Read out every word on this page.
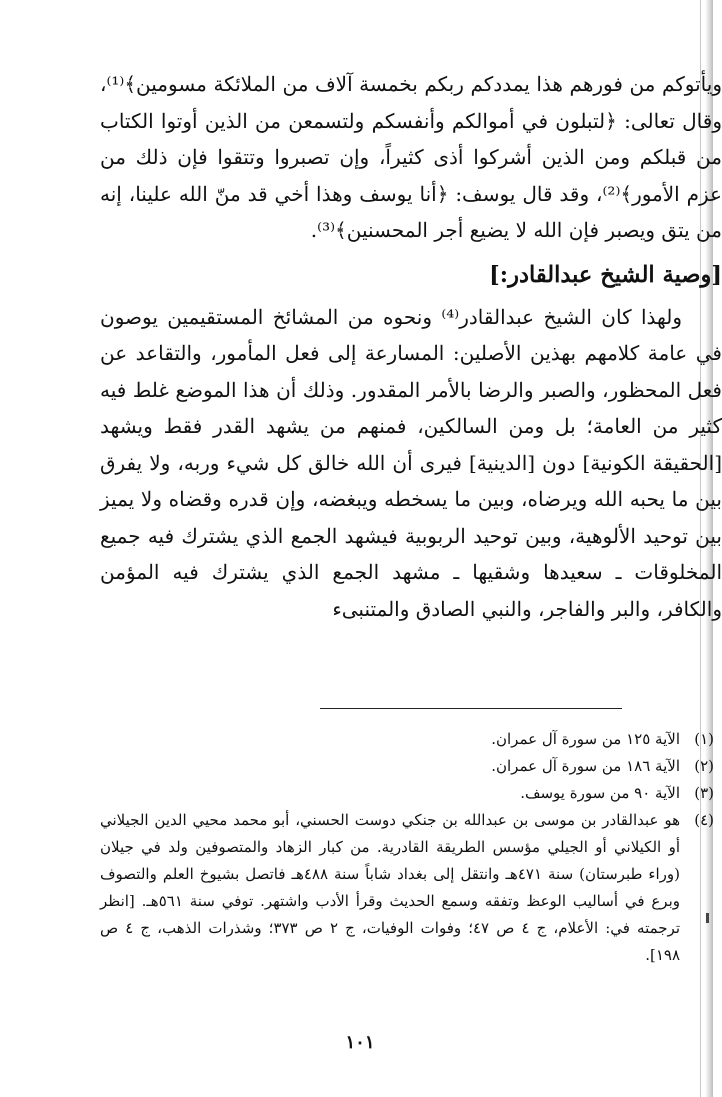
ويأتوكم من فورهم هذا يمددكم ربكم بخمسة آلاف من الملائكة مسومين﴾⁽¹⁾، وقال تعالى: ﴿لتبلون في أموالكم وأنفسكم ولتسمعن من الذين أوتوا الكتاب من قبلكم ومن الذين أشركوا أذى كثيراً، وإن تصبروا وتتقوا فإن ذلك من عزم الأمور﴾⁽²⁾، وقد قال يوسف: ﴿أنا يوسف وهذا أخي قد منّ الله علينا، إنه من يتق ويصبر فإن الله لا يضيع أجر المحسنين﴾⁽³⁾.

[وصية الشيخ عبدالقادر:]

ولهذا كان الشيخ عبدالقادر⁽⁴⁾ ونحوه من المشائخ المستقيمين يوصون في عامة كلامهم بهذين الأصلين: المسارعة إلى فعل المأمور، والتقاعد عن فعل المحظور، والصبر والرضا بالأمر المقدور. وذلك أن هذا الموضع غلط فيه كثير من العامة؛ بل ومن السالكين، فمنهم من يشهد القدر فقط ويشهد [الحقيقة الكونية] دون [الدينية] فيرى أن الله خالق كل شيء وربه، ولا يفرق بين ما يحبه الله ويرضاه، وبين ما يسخطه ويبغضه، وإن قدره وقضاه ولا يميز بين توحيد الألوهية، وبين توحيد الربوبية فيشهد الجمع الذي يشترك فيه جميع المخلوقات ـ سعيدها وشقيها ـ مشهد الجمع الذي يشترك فيه المؤمن والكافر، والبر والفاجر، والنبي الصادق والمتنبىء

(١)
الآية ١٢٥ من سورة آل عمران.
(٢)
الآية ١٨٦ من سورة آل عمران.
(٣)
الآية ٩٠ من سورة يوسف.
(٤)
هو عبدالقادر بن موسى بن عبدالله بن جنكي دوست الحسني، أبو محمد محيي الدين الجيلاني أو الكيلاني أو الجيلي مؤسس الطريقة القادرية. من كبار الزهاد والمتصوفين ولد في جيلان (وراء طبرستان) سنة ٤٧١هـ وانتقل إلى بغداد شاباً سنة ٤٨٨هـ فاتصل بشيوخ العلم والتصوف وبرع في أساليب الوعظ وتفقه وسمع الحديث وقرأ الأدب واشتهر. توفي سنة ٥٦١هـ. [انظر ترجمته في: الأعلام، ج ٤ ص ٤٧؛ وفوات الوفيات، ج ٢ ص ٣٧٣؛ وشذرات الذهب، ج ٤ ص ١٩٨].
١٠١
